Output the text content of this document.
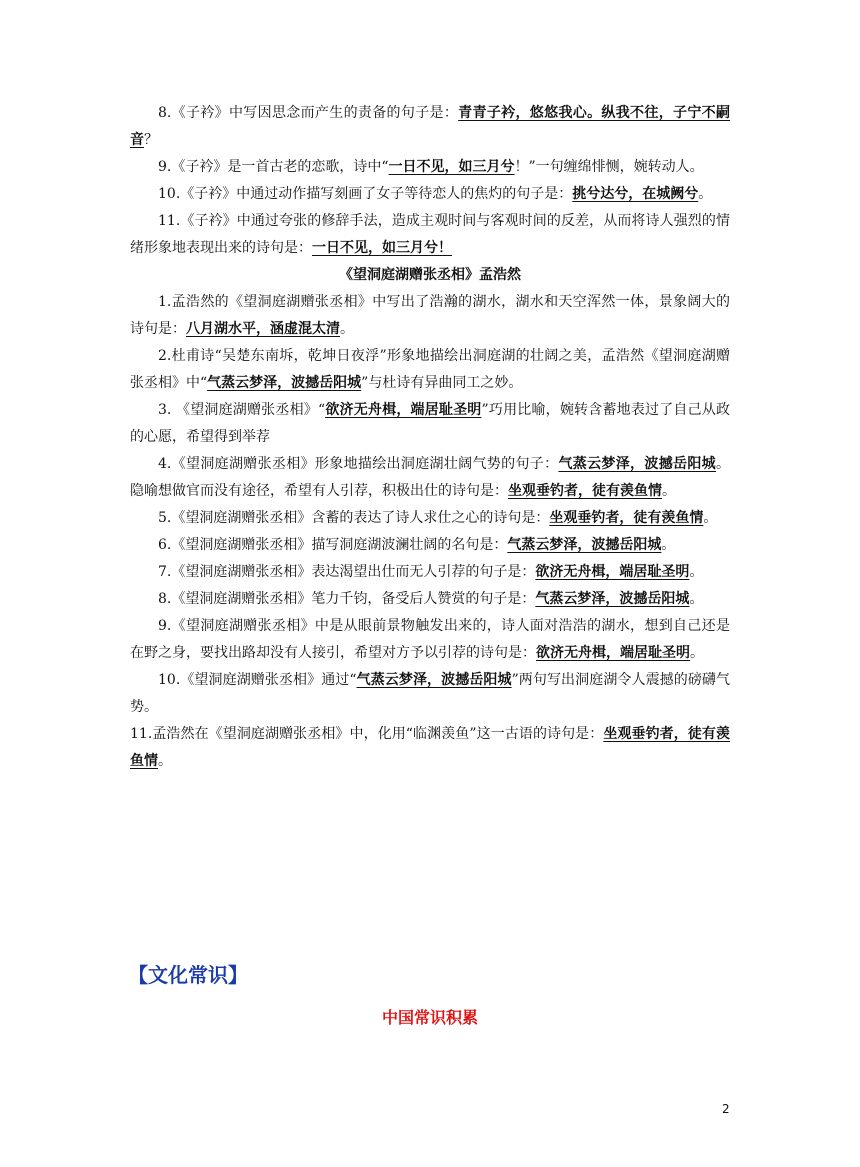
8.《子衿》中写因思念而产生的责备的句子是：青青子衿，悠悠我心。纵我不往，子宁不嗣音？

9.《子衿》是一首古老的恋歌，诗中“一日不见，如三月兮！”一句缠绵悱恻，婉转动人。

10.《子衿》中通过动作描写刻画了女子等待恋人的焦灼的句子是：挑兮达兮，在城阙兮。

11.《子衿》中通过夸张的修辞手法，造成主观时间与客观时间的反差，从而将诗人强烈的情绪形象地表现出来的诗句是：一日不见，如三月兮！

《望洞庭湖赠张丞相》孟浩然

1.孟浩然的《望洞庭湖赠张丞相》中写出了浩瀚的湖水，湖水和天空浑然一体，景象阔大的诗句是：八月湖水平，涵虚混太清。

2.杜甫诗“吴楚东南坼，乾坤日夜浮”形象地描绘出洞庭湖的壮阔之美，孟浩然《望洞庭湖赠张丞相》中“气蒸云梦泽，波撼岳阳城”与杜诗有异曲同工之妙。

3. 《望洞庭湖赠张丞相》“欲济无舟楫，端居耻圣明”巧用比喻，婉转含蓄地表过了自己从政的心愿，希望得到举荐

4.《望洞庭湖赠张丞相》形象地描绘出洞庭湖壮阔气势的句子：气蒸云梦泽，波撼岳阳城。隐喻想做官而没有途径，希望有人引荐，积极出仕的诗句是：坐观垂钓者，徒有羡鱼情。

5.《望洞庭湖赠张丞相》含蓄的表达了诗人求仕之心的诗句是：坐观垂钓者，徒有羡鱼情。

6.《望洞庭湖赠张丞相》描写洞庭湖波澜壮阔的名句是：气蒸云梦泽，波撼岳阳城。

7.《望洞庭湖赠张丞相》表达渴望出仕而无人引荐的句子是：欲济无舟楫，端居耻圣明。

8.《望洞庭湖赠张丞相》笔力千钧，备受后人赞赏的句子是：气蒸云梦泽，波撼岳阳城。

9.《望洞庭湖赠张丞相》中是从眼前景物触发出来的，诗人面对浩浩的湖水，想到自己还是在野之身，要找出路却没有人接引，希望对方予以引荐的诗句是：欲济无舟楫，端居耻圣明。

10.《望洞庭湖赠张丞相》通过“气蒸云梦泽，波撼岳阳城”两句写出洞庭湖令人震撼的磅礴气势。

11.孟浩然在《望洞庭湖赠张丞相》中，化用“临渊羡鱼”这一古语的诗句是：坐观垂钓者，徒有羡鱼情。

【文化常识】
中国常识积累
2
